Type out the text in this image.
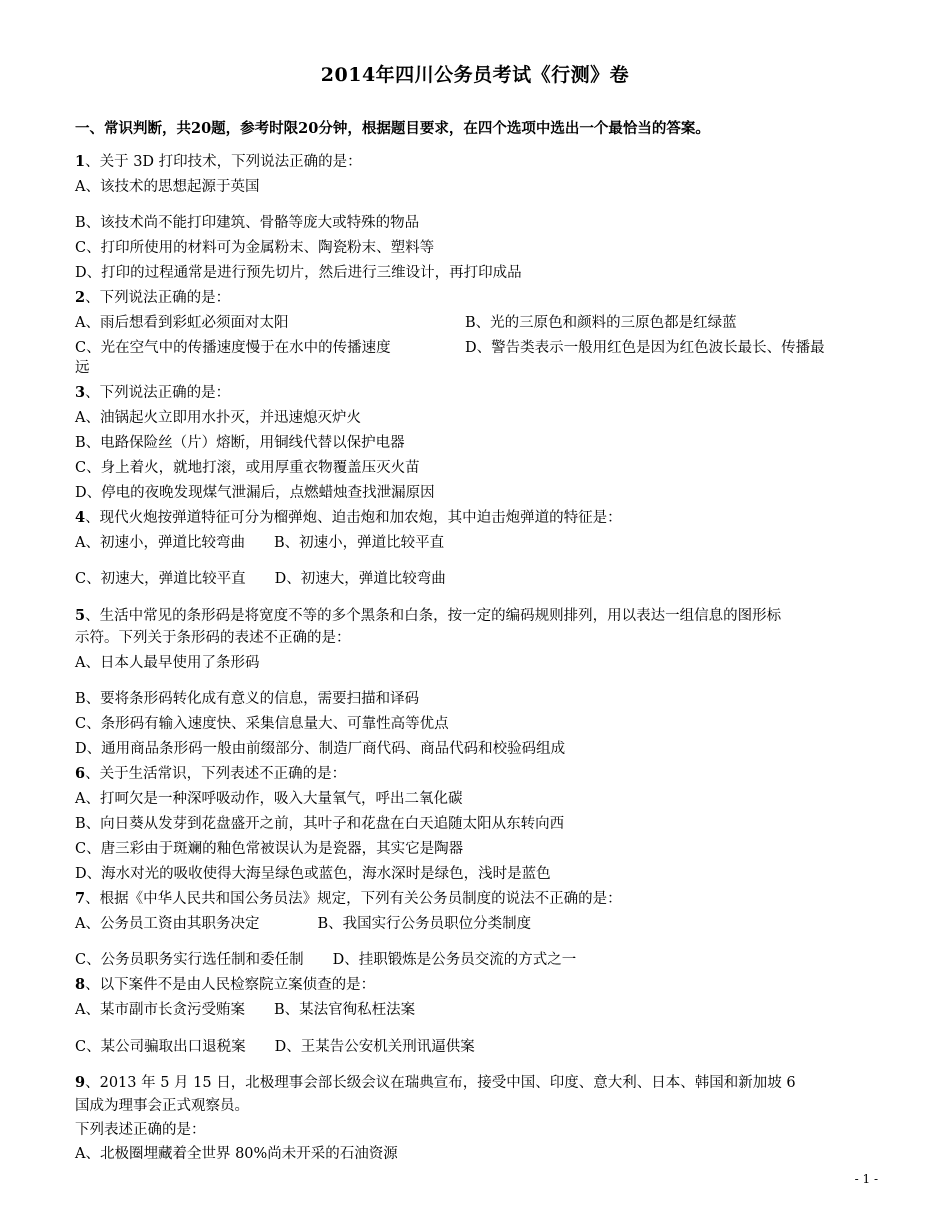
2014年四川公务员考试《行测》卷
一、常识判断，共20题，参考时限20分钟，根据题目要求，在四个选项中选出一个最恰当的答案。
1、关于 3D 打印技术，下列说法正确的是：
A、该技术的思想起源于英国
B、该技术尚不能打印建筑、骨骼等庞大或特殊的物品
C、打印所使用的材料可为金属粉末、陶瓷粉末、塑料等
D、打印的过程通常是进行预先切片，然后进行三维设计，再打印成品
2、下列说法正确的是：
A、雨后想看到彩虹必须面对太阳	B、光的三原色和颜料的三原色都是红绿蓝
C、光在空气中的传播速度慢于在水中的传播速度	D、警告类表示一般用红色是因为红色波长最长、传播最
远
3、下列说法正确的是：
A、油锅起火立即用水扑灭，并迅速熄灭炉火
B、电路保险丝（片）熔断，用铜线代替以保护电器
C、身上着火，就地打滚，或用厚重衣物覆盖压灭火苗
D、停电的夜晚发现煤气泄漏后，点燃蜡烛查找泄漏原因
4、现代火炮按弹道特征可分为榴弹炮、迫击炮和加农炮，其中迫击炮弹道的特征是：
A、初速小，弹道比较弯曲　　B、初速小，弹道比较平直
C、初速大，弹道比较平直　　D、初速大，弹道比较弯曲
5、生活中常见的条形码是将宽度不等的多个黑条和白条，按一定的编码规则排列，用以表达一组信息的图形标
示符。下列关于条形码的表述不正确的是：
A、日本人最早使用了条形码
B、要将条形码转化成有意义的信息，需要扫描和译码
C、条形码有输入速度快、采集信息量大、可靠性高等优点
D、通用商品条形码一般由前缀部分、制造厂商代码、商品代码和校验码组成
6、关于生活常识，下列表述不正确的是：
A、打呵欠是一种深呼吸动作，吸入大量氧气，呼出二氧化碳
B、向日葵从发芽到花盘盛开之前，其叶子和花盘在白天追随太阳从东转向西
C、唐三彩由于斑斓的釉色常被误认为是瓷器，其实它是陶器
D、海水对光的吸收使得大海呈绿色或蓝色，海水深时是绿色，浅时是蓝色
7、根据《中华人民共和国公务员法》规定，下列有关公务员制度的说法不正确的是：
A、公务员工资由其职务决定　　　　B、我国实行公务员职位分类制度
C、公务员职务实行选任制和委任制　　D、挂职锻炼是公务员交流的方式之一
8、以下案件不是由人民检察院立案侦查的是：
A、某市副市长贪污受贿案　　B、某法官徇私枉法案
C、某公司骗取出口退税案　　D、王某告公安机关刑讯逼供案
9、2013 年 5 月 15 日，北极理事会部长级会议在瑞典宣布，接受中国、印度、意大利、日本、韩国和新加坡 6
国成为理事会正式观察员。
下列表述正确的是：
A、北极圈埋藏着全世界 80%尚未开采的石油资源
- 1 -
